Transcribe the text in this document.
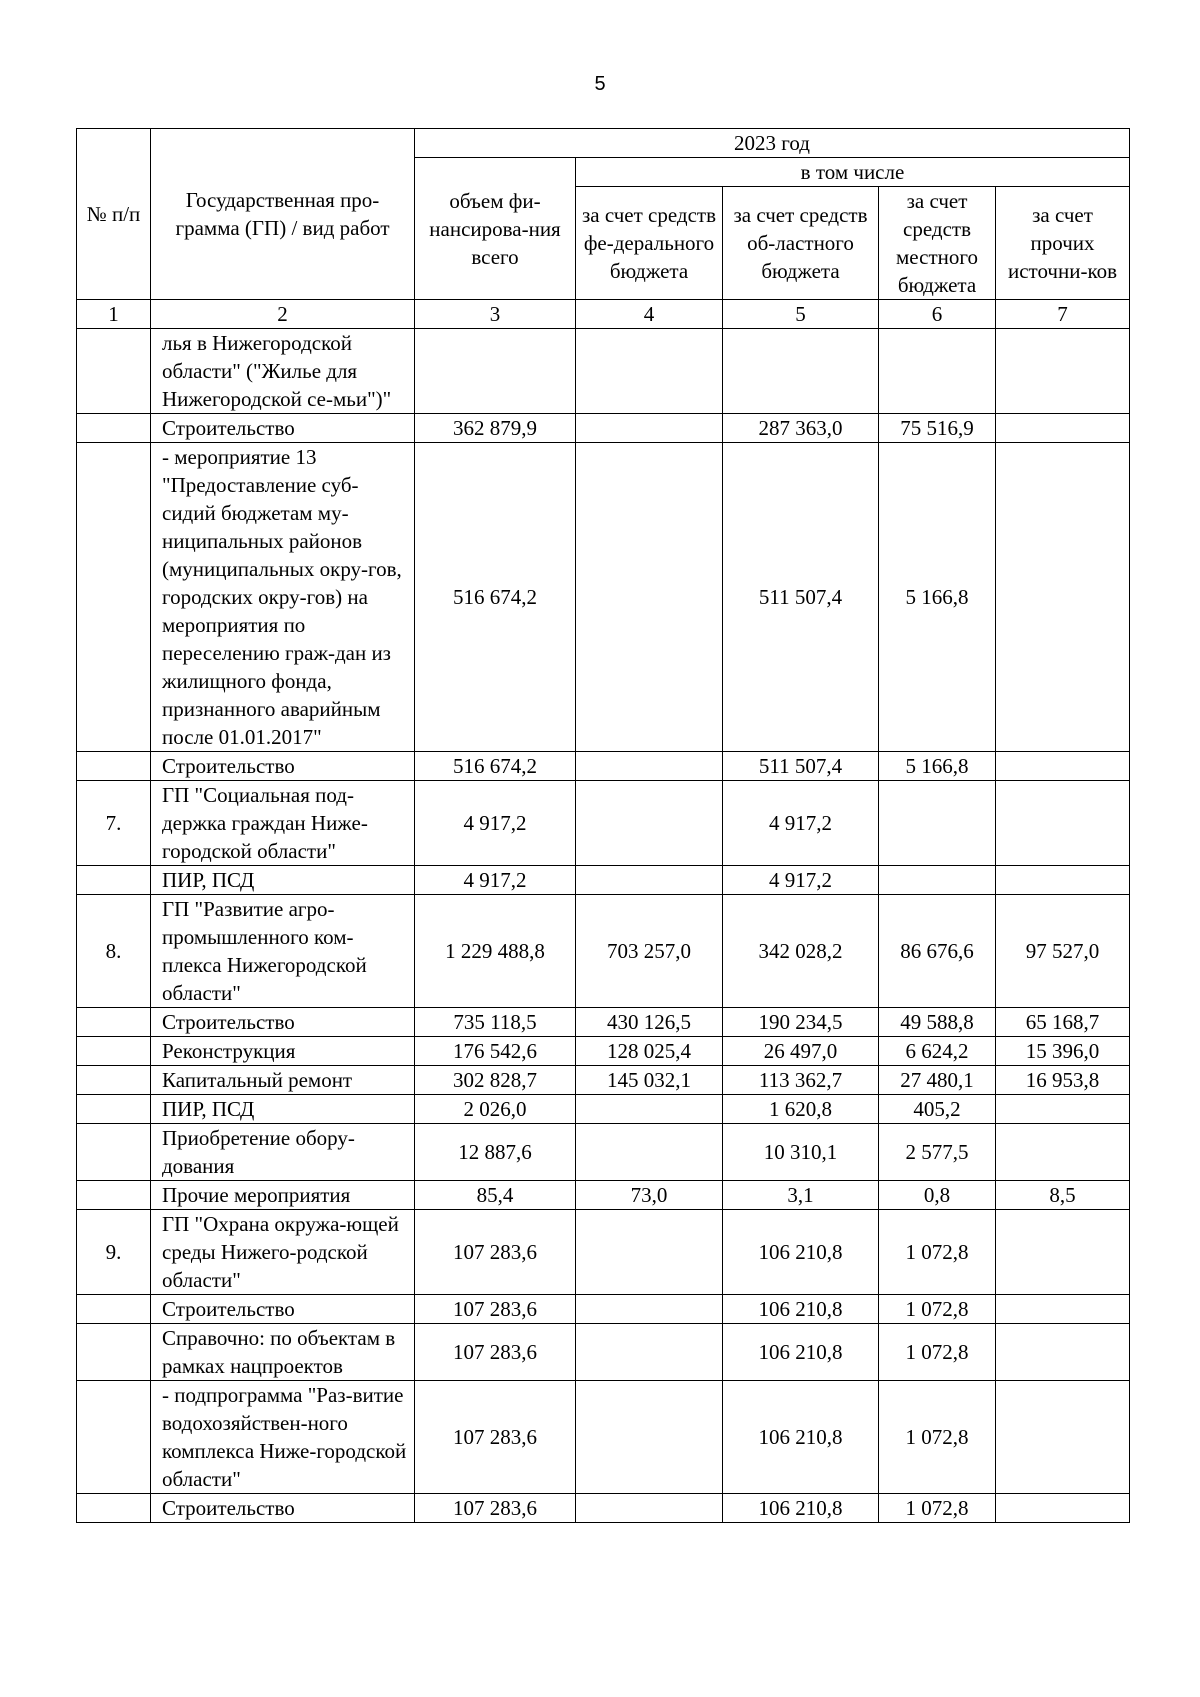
5
№ п/п	Государственная про-грамма (ГП) / вид работ	2023 год				
		объем фи-нансирова-ния всего	в том числе			
			за счет средств фе-дерального бюджета	за счет средств об-ластного бюджета	за счет средств местного бюджета	за счет прочих источни-ков

1	2	3	4	5	6	7
	лья в Нижегородской области" ("Жилье для Нижегородской се-мьи")"					
	Строительство	362 879,9		287 363,0	75 516,9	
	- мероприятие 13 "Предоставление суб-сидий бюджетам му-ниципальных районов (муниципальных окру-гов, городских окру-гов) на мероприятия по переселению граж-дан из жилищного фонда, признанного аварийным после 01.01.2017"	516 674,2		511 507,4	5 166,8	
	Строительство	516 674,2		511 507,4	5 166,8	
7.	ГП "Социальная под-держка граждан Ниже-городской области"	4 917,2		4 917,2		
	ПИР, ПСД	4 917,2		4 917,2		
8.	ГП "Развитие агро-промышленного ком-плекса Нижегородской области"	1 229 488,8	703 257,0	342 028,2	86 676,6	97 527,0
	Строительство	735 118,5	430 126,5	190 234,5	49 588,8	65 168,7
	Реконструкция	176 542,6	128 025,4	26 497,0	6 624,2	15 396,0
	Капитальный ремонт	302 828,7	145 032,1	113 362,7	27 480,1	16 953,8
	ПИР, ПСД	2 026,0		1 620,8	405,2	
	Приобретение обору-дования	12 887,6		10 310,1	2 577,5	
	Прочие мероприятия	85,4	73,0	3,1	0,8	8,5
9.	ГП "Охрана окружа-ющей среды Нижего-родской области"	107 283,6		106 210,8	1 072,8	
	Строительство	107 283,6		106 210,8	1 072,8	
	Справочно: по объектам в рамках нацпроектов	107 283,6		106 210,8	1 072,8	
	- подпрограмма "Раз-витие водохозяйствен-ного комплекса Ниже-городской области"	107 283,6		106 210,8	1 072,8	
	Строительство	107 283,6		106 210,8	1 072,8	
